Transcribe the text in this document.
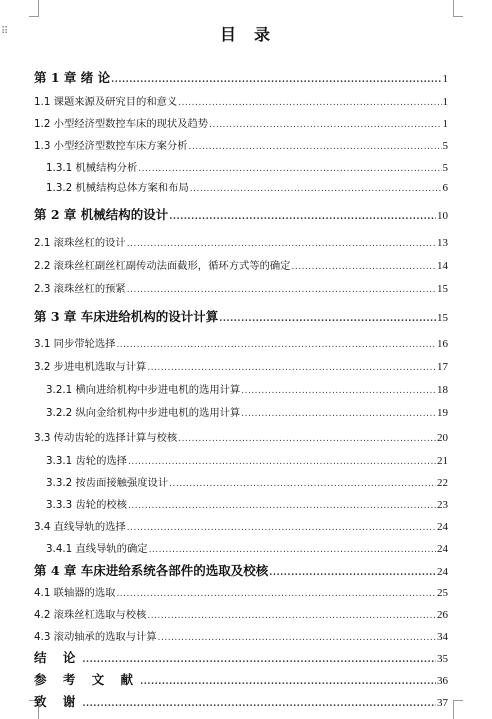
⠿	目 录
第 1 章 绪 论 .....	1
1.1 课题来源及研究目的和意义 .....	1
1.2 小型经济型数控车床的现状及趋势 .....	1
1.3 小型经济型数控车床方案分析 .....	5
1.3.1 机械结构分析 .....	5
1.3.2 机械结构总体方案和布局 .....	6
第 2 章 机械结构的设计 .....	10
2.1 滚珠丝杠的设计 .....	13
2.2 滚珠丝杠副丝杠副传动法面截形，循环方式等的确定 .....	14
2.3 滚珠丝杠的预紧 .....	15
第 3 章 车床进给机构的设计计算 .....	15
3.1 同步带轮选择 .....	16
3.2 步进电机选取与计算 .....	17
3.2.1 横向进给机构中步进电机的选用计算 .....	18
3.2.2 纵向金给机构中步进电机的选用计算 .....	19
3.3 传动齿轮的选择计算与校核 .....	20
3.3.1 齿轮的选择 .....	21
3.3.2 按齿面接触强度设计 .....	22
3.3.3 齿轮的校核 .....	23
3.4 直线导轨的选择 .....	24
3.4.1 直线导轨的确定 .....	24
第 4 章 车床进给系统各部件的选取及校核 .....	24
4.1 联轴器的选取 .....	25
4.2 滚珠丝杠选取与校核 .....	26
4.3 滚动轴承的选取与计算 .....	34
结 论 .....	35
参 考 文 献 .....	36
致 谢 .....	37
